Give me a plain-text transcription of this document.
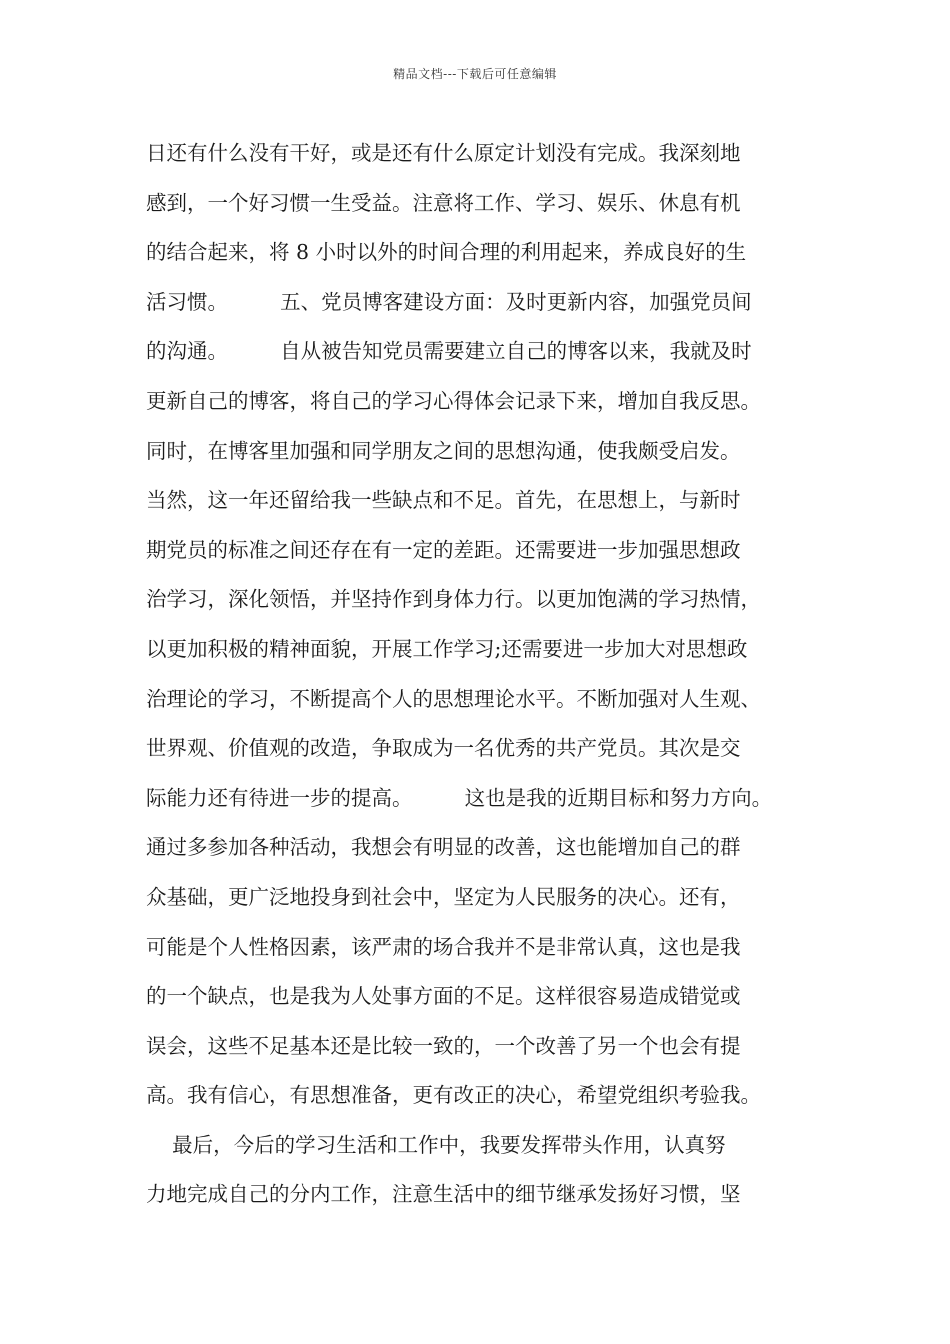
精品文档---下载后可任意编辑
日还有什么没有干好，或是还有什么原定计划没有完成。我深刻地
感到，一个好习惯一生受益。注意将工作、学习、娱乐、休息有机
的结合起来，将 8 小时以外的时间合理的利用起来，养成良好的生
活习惯。        五、党员博客建设方面：及时更新内容，加强党员间
的沟通。        自从被告知党员需要建立自己的博客以来，我就及时
更新自己的博客，将自己的学习心得体会记录下来，增加自我反思。
同时，在博客里加强和同学朋友之间的思想沟通，使我颇受启发。
当然，这一年还留给我一些缺点和不足。首先，在思想上，与新时
期党员的标准之间还存在有一定的差距。还需要进一步加强思想政
治学习，深化领悟，并坚持作到身体力行。以更加饱满的学习热情，
以更加积极的精神面貌，开展工作学习;还需要进一步加大对思想政
治理论的学习，不断提高个人的思想理论水平。不断加强对人生观、
世界观、价值观的改造，争取成为一名优秀的共产党员。其次是交
际能力还有待进一步的提高。        这也是我的近期目标和努力方向。
通过多参加各种活动，我想会有明显的改善，这也能增加自己的群
众基础，更广泛地投身到社会中，坚定为人民服务的决心。还有，
可能是个人性格因素，该严肃的场合我并不是非常认真，这也是我
的一个缺点，也是我为人处事方面的不足。这样很容易造成错觉或
误会，这些不足基本还是比较一致的，一个改善了另一个也会有提
高。我有信心，有思想准备，更有改正的决心，希望党组织考验我。
最后，今后的学习生活和工作中，我要发挥带头作用，认真努
力地完成自己的分内工作，注意生活中的细节继承发扬好习惯，坚
